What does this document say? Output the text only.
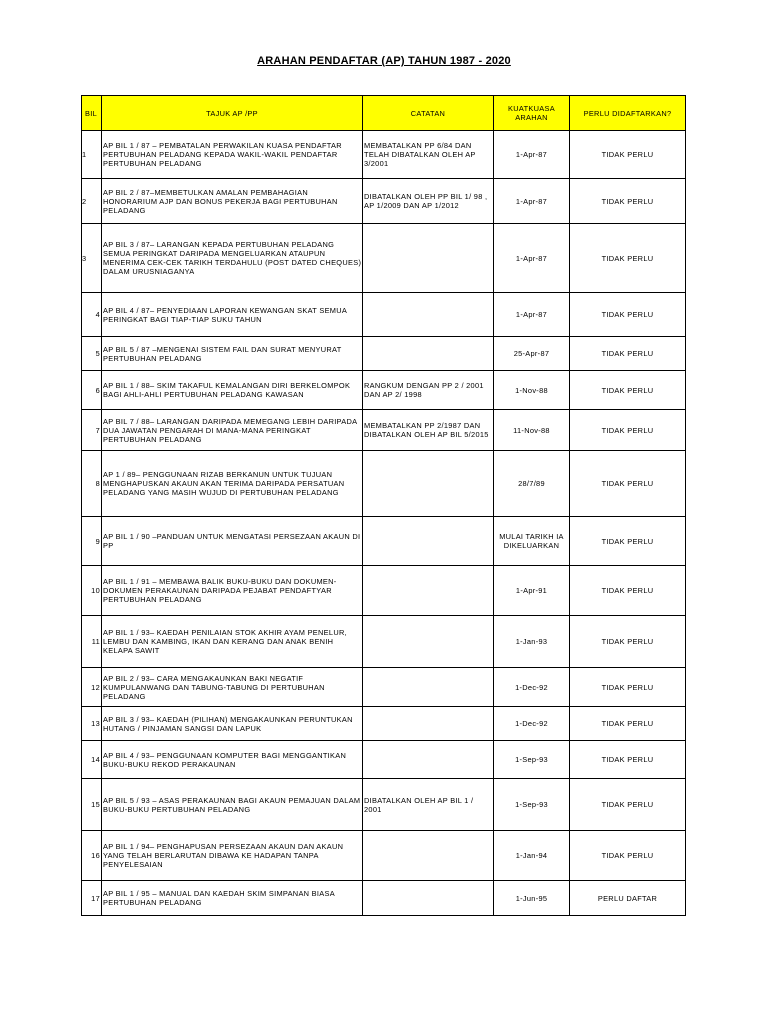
ARAHAN PENDAFTAR (AP) TAHUN 1987 - 2020
BIL	TAJUK AP /PP	CATATAN	KUATKUASA ARAHAN	PERLU DIDAFTARKAN?
1	AP BIL 1 / 87 – PEMBATALAN PERWAKILAN KUASA PENDAFTAR PERTUBUHAN PELADANG KEPADA WAKIL-WAKIL PENDAFTAR PERTUBUHAN PELADANG	MEMBATALKAN PP 6/84 DAN TELAH DIBATALKAN OLEH AP 3/2001	1-Apr-87	TIDAK PERLU
2	AP BIL 2 / 87–MEMBETULKAN AMALAN PEMBAHAGIAN HONORARIUM AJP DAN BONUS PEKERJA BAGI PERTUBUHAN PELADANG	DIBATALKAN OLEH PP BIL 1/ 98 , AP 1/2009 DAN AP 1/2012	1-Apr-87	TIDAK PERLU
3	AP BIL 3 / 87– LARANGAN KEPADA PERTUBUHAN PELADANG SEMUA PERINGKAT DARIPADA MENGELUARKAN ATAUPUN MENERIMA CEK-CEK TARIKH TERDAHULU (POST DATED CHEQUES) DALAM URUSNIAGANYA		1-Apr-87	TIDAK PERLU
4	AP BIL 4 / 87– PENYEDIAAN LAPORAN KEWANGAN SKAT SEMUA PERINGKAT BAGI TIAP-TIAP SUKU TAHUN		1-Apr-87	TIDAK PERLU
5	AP BIL 5 / 87 –MENGENAI SISTEM FAIL DAN SURAT MENYURAT PERTUBUHAN PELADANG		25-Apr-87	TIDAK PERLU
6	AP BIL 1 / 88– SKIM TAKAFUL KEMALANGAN DIRI BERKELOMPOK BAGI AHLI-AHLI PERTUBUHAN PELADANG KAWASAN	RANGKUM DENGAN PP 2 / 2001 DAN AP 2/ 1998	1-Nov-88	TIDAK PERLU
7	AP BIL 7 / 88– LARANGAN DARIPADA MEMEGANG LEBIH DARIPADA DUA JAWATAN PENGARAH DI MANA-MANA PERINGKAT PERTUBUHAN PELADANG	MEMBATALKAN PP 2/1987 DAN DIBATALKAN OLEH AP BIL 5/2015	11-Nov-88	TIDAK PERLU
8	AP 1 / 89– PENGGUNAAN RIZAB BERKANUN UNTUK TUJUAN MENGHAPUSKAN AKAUN AKAN TERIMA DARIPADA PERSATUAN PELADANG YANG MASIH WUJUD DI PERTUBUHAN PELADANG		28/7/89	TIDAK PERLU
9	AP BIL 1 / 90 –PANDUAN UNTUK MENGATASI PERSEZAAN AKAUN DI PP		MULAI TARIKH IA DIKELUARKAN	TIDAK PERLU
10	AP BIL 1 / 91 – MEMBAWA BALIK BUKU-BUKU DAN DOKUMEN-DOKUMEN PERAKAUNAN DARIPADA PEJABAT PENDAFTYAR PERTUBUHAN PELADANG		1-Apr-91	TIDAK PERLU
11	AP BIL 1 / 93– KAEDAH PENILAIAN STOK AKHIR AYAM PENELUR, LEMBU DAN KAMBING, IKAN DAN KERANG DAN ANAK BENIH KELAPA SAWIT		1-Jan-93	TIDAK PERLU
12	AP BIL 2 / 93– CARA MENGAKAUNKAN BAKI NEGATIF KUMPULANWANG DAN TABUNG-TABUNG DI PERTUBUHAN PELADANG		1-Dec-92	TIDAK PERLU
13	AP BIL 3 / 93– KAEDAH (PILIHAN) MENGAKAUNKAN PERUNTUKAN HUTANG / PINJAMAN SANGSI DAN LAPUK		1-Dec-92	TIDAK PERLU
14	AP BIL 4 / 93– PENGGUNAAN KOMPUTER BAGI MENGGANTIKAN BUKU-BUKU REKOD PERAKAUNAN		1-Sep-93	TIDAK PERLU
15	AP BIL 5 / 93 – ASAS PERAKAUNAN BAGI AKAUN PEMAJUAN DALAM BUKU-BUKU PERTUBUHAN PELADANG	DIBATALKAN OLEH AP BIL 1 / 2001	1-Sep-93	TIDAK PERLU
16	AP BIL 1 / 94– PENGHAPUSAN PERSEZAAN AKAUN DAN AKAUN YANG TELAH BERLARUTAN DIBAWA KE HADAPAN TANPA PENYELESAIAN		1-Jan-94	TIDAK PERLU
17	AP BIL 1 / 95 – MANUAL DAN KAEDAH SKIM SIMPANAN BIASA PERTUBUHAN PELADANG		1-Jun-95	PERLU DAFTAR
